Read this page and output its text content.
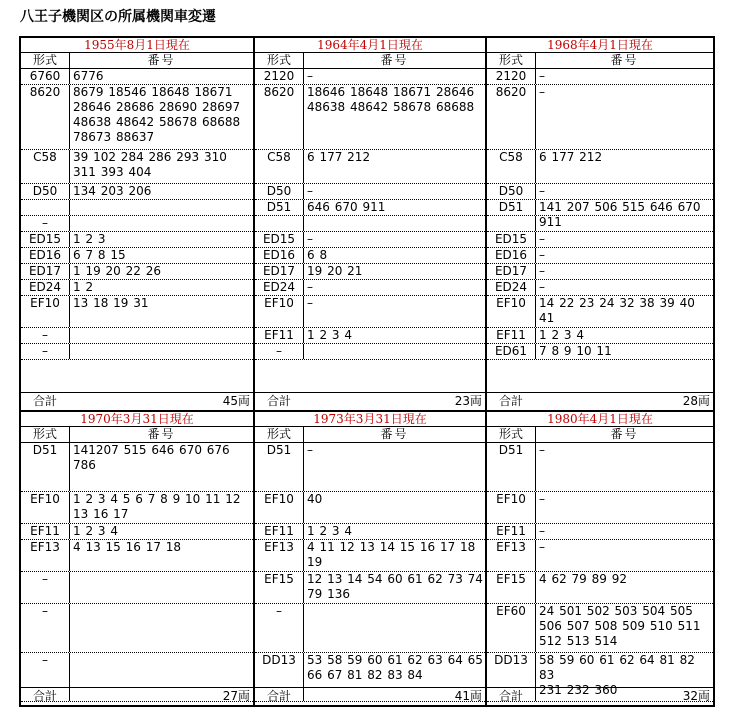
八王子機関区の所属機関車変遷
1955年8月1日現在
形式	番号
6760	6776
8620	8679 18546 18648 18671
28646 28686 28690 28697
48638 48642 58678 68688
78673 88637
C58	39 102 284 286 293 310
311 393 404
D50	134 203 206
–
ED15 1 2 3
ED16 6 7 8 15
ED17 1 19 20 22 26
ED24 1 2
EF10	13 18 19 31
–
–
合計	45両
1964年4月1日現在
形式	番号
2120	–
8620	18646 18648 18671 28646
48638 48642 58678 68688
C58	6 177 212
D50	–
D51	646 670 911
ED15 –
ED16 6 8
ED17 19 20 21
ED24 –
EF10	–
EF11	1 2 3 4
–
合計	23両
1968年4月1日現在
形式	番号
2120	–
8620	–
C58	6 177 212
D50	–
D51	141 207 506 515 646 670
911
ED15 –
ED16 –
ED17 –
ED24 –
EF10	14 22 23 24 32 38 39 40
41
EF11	1 2 3 4
ED61 7 8 9 10 11
合計	28両
1970年3月31日現在
形式	番号
D51	141207 515 646 670 676
786
EF10	1 2 3 4 5 6 7 8 9 10 11 12
13 16 17
EF11	1 2 3 4
EF13	4 13 15 16 17 18
–
–
–
合計	27両
1973年3月31日現在
形式	番号
D51	–
EF10	40
EF11	1 2 3 4
EF13	4 11 12 13 14 15 16 17 18
19
EF15	12 13 14 54 60 61 62 73 74
79 136
–
DD13 53 58 59 60 61 62 63 64 65
66 67 81 82 83 84
合計	41両
1980年4月1日現在
形式	番号
D51	–
EF10	–
EF11	–
EF13	–
EF15	4 62 79 89 92
EF60	24 501 502 503 504 505
506 507 508 509 510 511
512 513 514
DD13 58 59 60 61 62 64 81 82 83
231 232 360
合計	32両
